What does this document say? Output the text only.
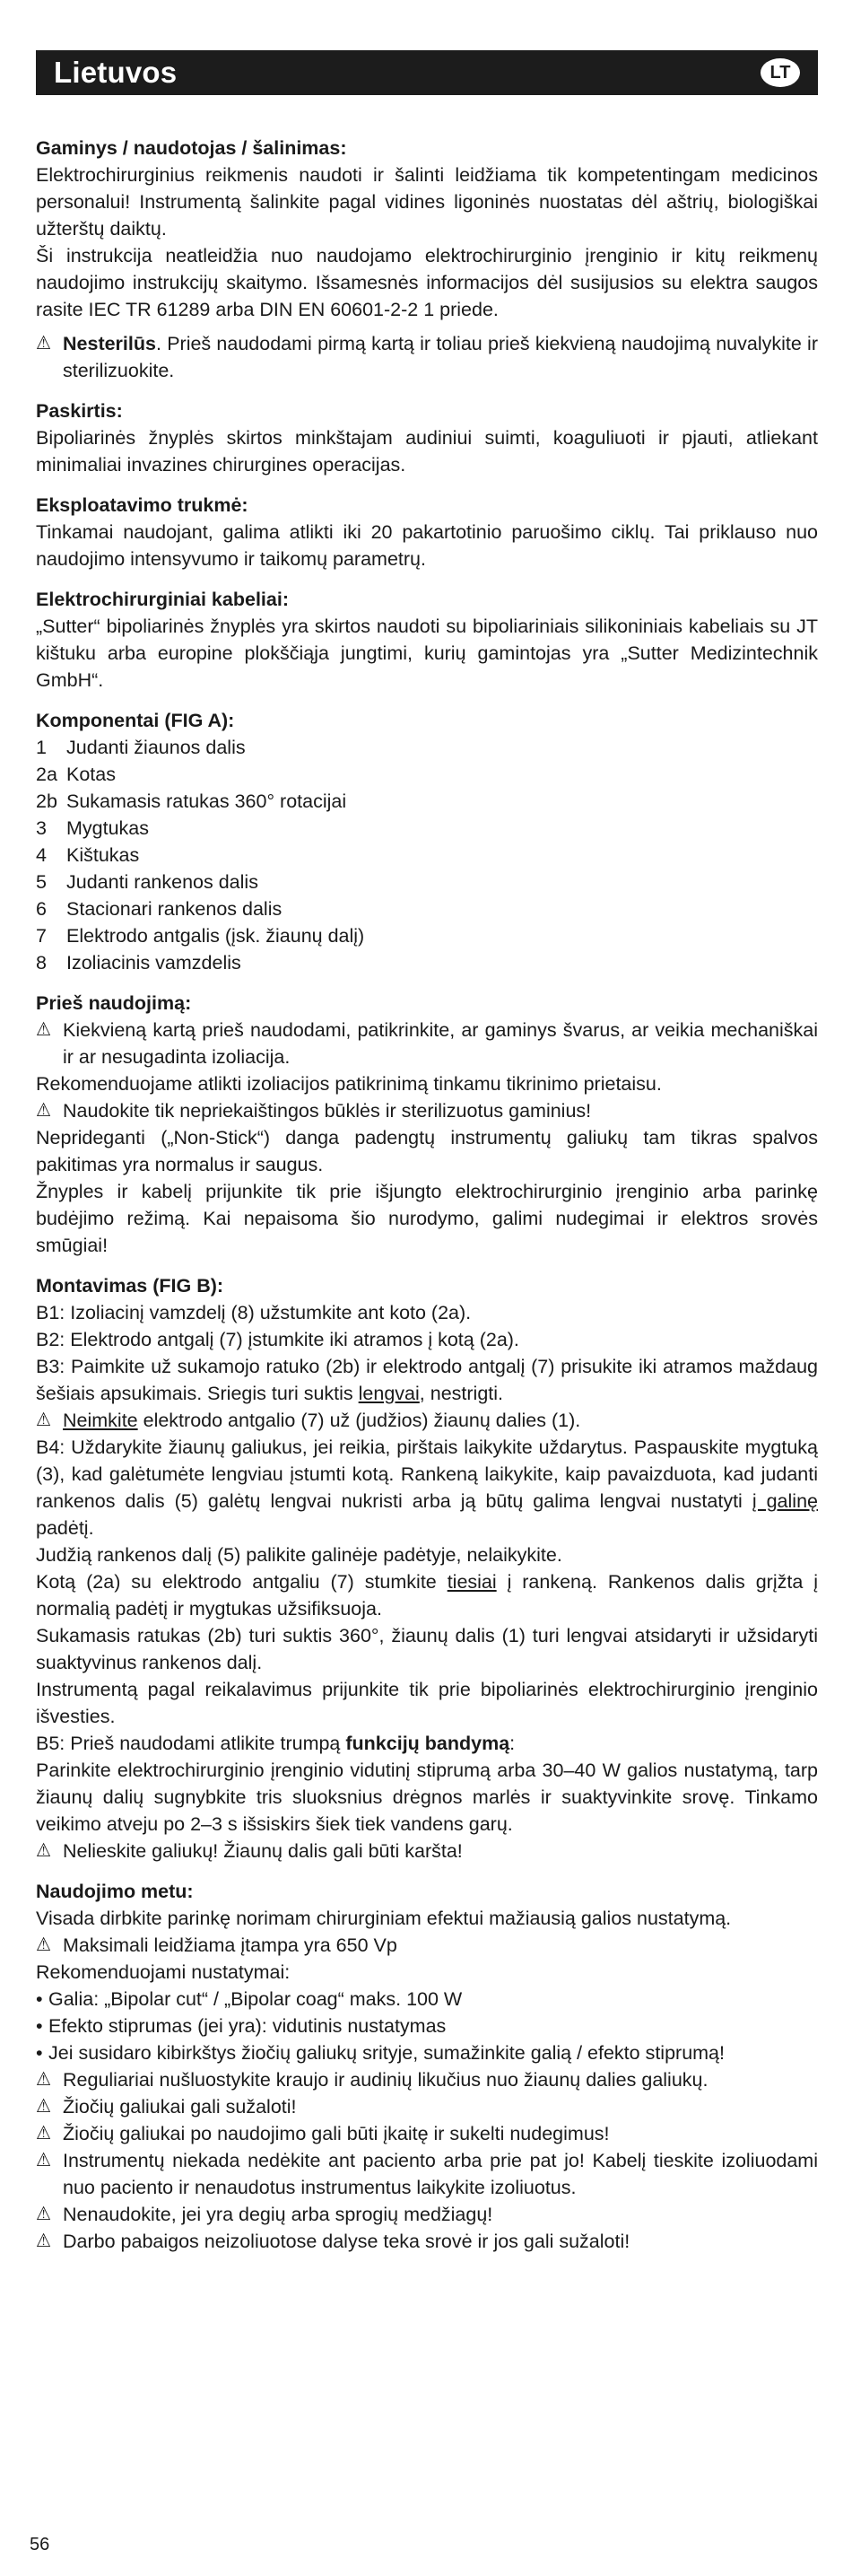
Lietuvos	LT
Gaminys / naudotojas / šalinimas:

Elektrochirurginius reikmenis naudoti ir šalinti leidžiama tik kompetentingam medicinos personalui! Instrumentą šalinkite pagal vidines ligoninės nuostatas dėl aštrių, biologiškai užterštų daiktų.

Ši instrukcija neatleidžia nuo naudojamo elektrochirurginio įrenginio ir kitų reikmenų naudojimo instrukcijų skaitymo. Išsamesnės informacijos dėl susijusios su elektra saugos rasite IEC TR 61289 arba DIN EN 60601-2-2 1 priede.

⚠ Nesterilūs. Prieš naudodami pirmą kartą ir toliau prieš kiekvieną naudojimą nuvalykite ir sterilizuokite.

Paskirtis:

Bipoliarinės žnyplės skirtos minkštajam audiniui suimti, koaguliuoti ir pjauti, atliekant minimaliai invazines chirurgines operacijas.

Eksploatavimo trukmė:

Tinkamai naudojant, galima atlikti iki 20 pakartotinio paruošimo ciklų. Tai priklauso nuo naudojimo intensyvumo ir taikomų parametrų.

Elektrochirurginiai kabeliai:

„Sutter“ bipoliarinės žnyplės yra skirtos naudoti su bipoliariniais silikoniniais kabeliais su JT kištuku arba europine plokščiąja jungtimi, kurių gamintojas yra „Sutter Medizintechnik GmbH“.

Komponentai (FIG A):
1	Judanti žiaunos dalis
2a Kotas
2b Sukamasis ratukas 360° rotacijai
3	Mygtukas
4	Kištukas
5	Judanti rankenos dalis
6	Stacionari rankenos dalis
7	Elektrodo antgalis (įsk. žiaunų dalį)
8	Izoliacinis vamzdelis
Prieš naudojimą:

⚠ Kiekvieną kartą prieš naudodami, patikrinkite, ar gaminys švarus, ar veikia mechaniškai ir ar nesugadinta izoliacija.

Rekomenduojame atlikti izoliacijos patikrinimą tinkamu tikrinimo prietaisu.

⚠ Naudokite tik nepriekaištingos būklės ir sterilizuotus gaminius!

Neprideganti („Non-Stick“) danga padengtų instrumentų galiukų tam tikras spalvos pakitimas yra normalus ir saugus.

Žnyples ir kabelį prijunkite tik prie išjungto elektrochirurginio įrenginio arba parinkę budėjimo režimą. Kai nepaisoma šio nurodymo, galimi nudegimai ir elektros srovės smūgiai!

Montavimas (FIG B):

B1: Izoliacinį vamzdelį (8) užstumkite ant koto (2a).

B2: Elektrodo antgalį (7) įstumkite iki atramos į kotą (2a).

B3: Paimkite už sukamojo ratuko (2b) ir elektrodo antgalį (7) prisukite iki atramos maždaug šešiais apsukimais. Sriegis turi suktis lengvai, nestrigti.

⚠ Neimkite elektrodo antgalio (7) už (judžios) žiaunų dalies (1).

B4: Uždarykite žiaunų galiukus, jei reikia, pirštais laikykite uždarytus. Paspauskite mygtuką (3), kad galėtumėte lengviau įstumti kotą. Rankeną laikykite, kaip pavaizduota, kad judanti rankenos dalis (5) galėtų lengvai nukristi arba ją būtų galima lengvai nustatyti į galinę padėtį.

Judžią rankenos dalį (5) palikite galinėje padėtyje, nelaikykite.

Kotą (2a) su elektrodo antgaliu (7) stumkite tiesiai į rankeną. Rankenos dalis grįžta į normalią padėtį ir mygtukas užsifiksuoja.

Sukamasis ratukas (2b) turi suktis 360°, žiaunų dalis (1) turi lengvai atsidaryti ir užsidaryti suaktyvinus rankenos dalį.

Instrumentą pagal reikalavimus prijunkite tik prie bipoliarinės elektrochirurginio įrenginio išvesties.

B5: Prieš naudodami atlikite trumpą funkcijų bandymą:

Parinkite elektrochirurginio įrenginio vidutinį stiprumą arba 30–40 W galios nustatymą, tarp žiaunų dalių sugnybkite tris sluoksnius drėgnos marlės ir suaktyvinkite srovę. Tinkamo veikimo atveju po 2–3 s išsiskirs šiek tiek vandens garų.

⚠ Nelieskite galiukų! Žiaunų dalis gali būti karšta!

Naudojimo metu:

Visada dirbkite parinkę norimam chirurginiam efektui mažiausią galios nustatymą.

⚠ Maksimali leidžiama įtampa yra 650 Vp

Rekomenduojami nustatymai:

• Galia: „Bipolar cut“ / „Bipolar coag“ maks. 100 W
• Efekto stiprumas (jei yra): vidutinis nustatymas
• Jei susidaro kibirkštys žiočių galiukų srityje, sumažinkite galią / efekto stiprumą!

⚠ Reguliariai nušluostykite kraujo ir audinių likučius nuo žiaunų dalies galiukų.

⚠ Žiočių galiukai gali sužaloti!

⚠ Žiočių galiukai po naudojimo gali būti įkaitę ir sukelti nudegimus!

⚠ Instrumentų niekada nedėkite ant paciento arba prie pat jo! Kabelį tieskite izoliuodami nuo paciento ir nenaudotus instrumentus laikykite izoliuotus.

⚠ Nenaudokite, jei yra degių arba sprogių medžiagų!

⚠ Darbo pabaigos neizoliuotose dalyse teka srovė ir jos gali sužaloti!

56
